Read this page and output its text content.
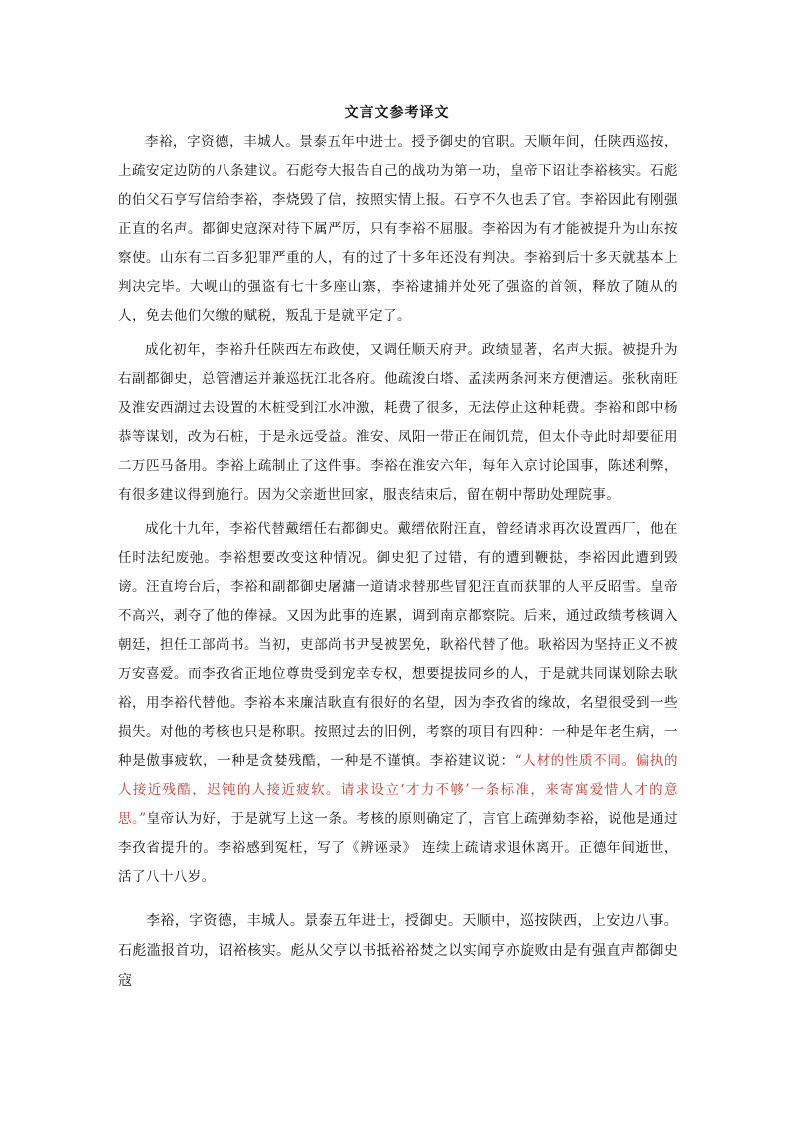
文言文参考译文

李裕，字资德，丰城人。景泰五年中进士。授予御史的官职。天顺年间，任陕西巡按，上疏安定边防的八条建议。石彪夸大报告自己的战功为第一功，皇帝下诏让李裕核实。石彪的伯父石亨写信给李裕，李烧毁了信，按照实情上报。石亨不久也丢了官。李裕因此有刚强正直的名声。都御史寇深对待下属严厉，只有李裕不屈服。李裕因为有才能被提升为山东按察使。山东有二百多犯罪严重的人，有的过了十多年还没有判决。李裕到后十多天就基本上判决完毕。大岘山的强盗有七十多座山寨，李裕逮捕并处死了强盗的首领，释放了随从的人，免去他们欠缴的赋税，叛乱于是就平定了。

成化初年，李裕升任陕西左布政使，又调任顺天府尹。政绩显著，名声大振。被提升为右副都御史，总管漕运并兼巡抚江北各府。他疏浚白塔、孟渎两条河来方便漕运。张秋南旺及淮安西湖过去设置的木桩受到江水冲激，耗费了很多，无法停止这种耗费。李裕和郎中杨恭等谋划，改为石桩，于是永远受益。淮安、凤阳一带正在闹饥荒，但太仆寺此时却要征用二万匹马备用。李裕上疏制止了这件事。李裕在淮安六年，每年入京讨论国事，陈述利弊，有很多建议得到施行。因为父亲逝世回家，服丧结束后，留在朝中帮助处理院事。

成化十九年，李裕代替戴缙任右都御史。戴缙依附汪直，曾经请求再次设置西厂，他在任时法纪废弛。李裕想要改变这种情况。御史犯了过错，有的遭到鞭挞，李裕因此遭到毁谤。汪直垮台后，李裕和副都御史屠滽一道请求替那些冒犯汪直而获罪的人平反昭雪。皇帝不高兴，剥夺了他的俸禄。又因为此事的连累，调到南京都察院。后来，通过政绩考核调入朝廷，担任工部尚书。当初，吏部尚书尹旻被罢免，耿裕代替了他。耿裕因为坚持正义不被万安喜爱。而李孜省正地位尊贵受到宠幸专权，想要提拔同乡的人，于是就共同谋划除去耿裕，用李裕代替他。李裕本来廉洁耿直有很好的名望，因为李孜省的缘故，名望很受到一些损失。对他的考核也只是称职。按照过去的旧例，考察的项目有四种：一种是年老生病，一种是傲事疲软，一种是贪婪残酷，一种是不谨慎。李裕建议说：“人材的性质不同。偏执的人接近残酷，迟钝的人接近疲软。请求设立‘才力不够’一条标准，来寄寓爱惜人才的意思。”皇帝认为好，于是就写上这一条。考核的原则确定了，言官上疏弹劾李裕，说他是通过李孜省提升的。李裕感到冤枉，写了《辨诬录》 连续上疏请求退休离开。正德年间逝世，活了八十八岁。

李裕，字资德，丰城人。景泰五年进士，授御史。天顺中，巡按陕西，上安边八事。石彪滥报首功，诏裕核实。彪从父亨以书抵裕裕焚之以实闻亨亦旋败由是有强直声都御史寇
